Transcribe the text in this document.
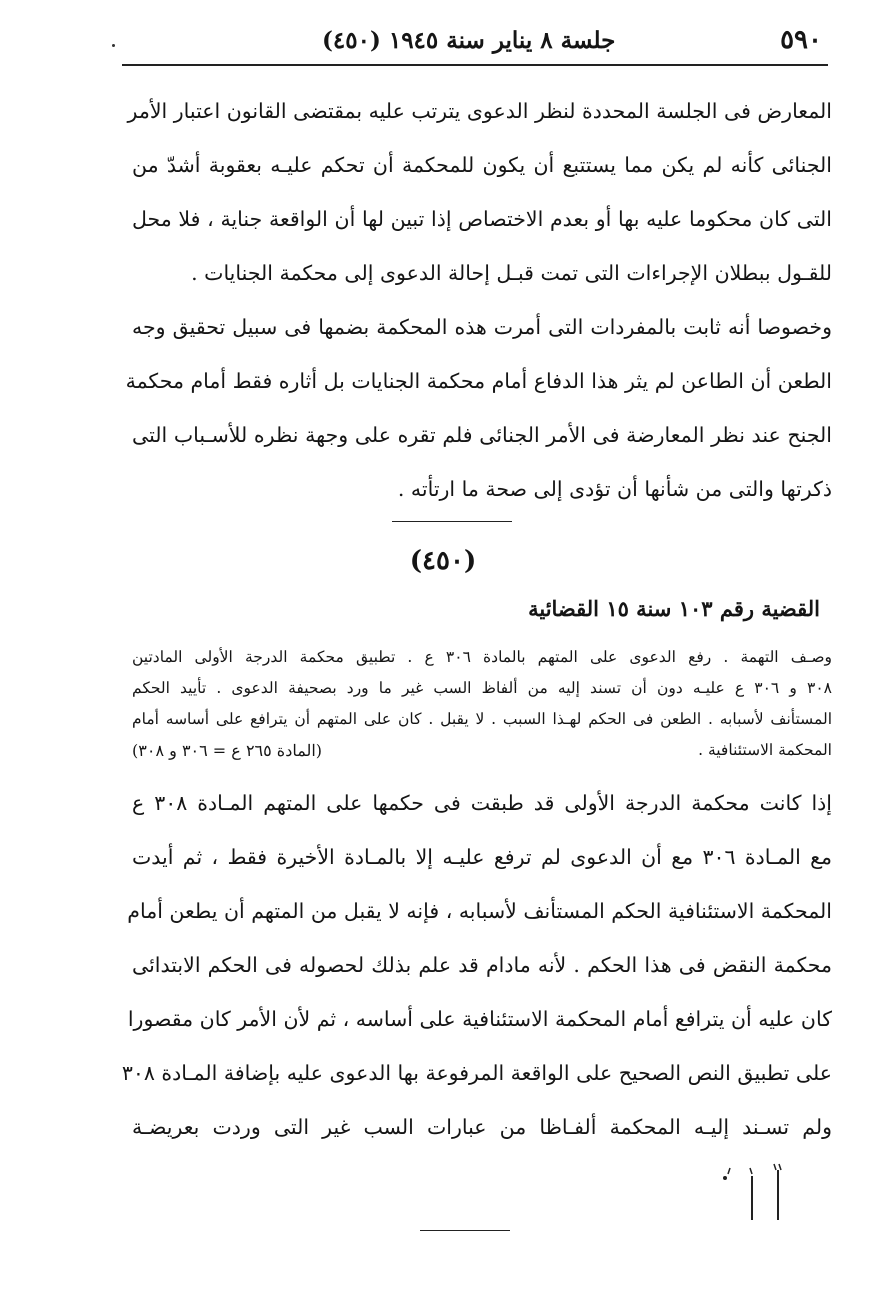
٥٩٠
جلسة ٨ يناير سنة ١٩٤٥ (٤٥٠)
المعارض فى الجلسة المحددة لنظر الدعوى يترتب عليه بمقتضى القانون اعتبار الأمر
الجنائى كأنه لم يكن مما يستتبع أن يكون للمحكمة أن تحكم عليـه بعقوبة أشدّ من
التى كان محكوما عليه بها أو بعدم الاختصاص إذا تبين لها أن الواقعة جناية ، فلا محل
للقـول ببطلان الإجراءات التى تمت قبـل إحالة الدعوى إلى محكمة الجنايات .
وخصوصا أنه ثابت بالمفردات التى أمرت هذه المحكمة بضمها فى سبيل تحقيق وجه
الطعن أن الطاعن لم يثر هذا الدفاع أمام محكمة الجنايات بل أثاره فقط أمام محكمة
الجنح عند نظر المعارضة فى الأمر الجنائى فلم تقره على وجهة نظره للأسـباب التى
ذكرتها والتى من شأنها أن تؤدى إلى صحة ما ارتأته .
(٤٥٠)
القضية رقم ١٠٣ سنة ١٥ القضائية
وصـف التهمة . رفع الدعوى على المتهم بالمادة ٣٠٦ ع . تطبيق محكمة الدرجة الأولى المادتين
٣٠٨ و ٣٠٦ ع عليـه دون أن تسند إليه من ألفاظ السب غير ما ورد بصحيفة الدعوى . تأييد الحكم
المستأنف لأسبابه . الطعن فى الحكم لهـذا السبب . لا يقبل . كان على المتهم أن يترافع على أساسه أمام
المحكمة الاستئنافية .
(المادة ٢٦٥ ع = ٣٠٦ و ٣٠٨)
إذا كانت محكمة الدرجة الأولى قد طبقت فى حكمها على المتهم المـادة ٣٠٨ ع
مع المـادة ٣٠٦ مع أن الدعوى لم ترفع عليـه إلا بالمـادة الأخيرة فقط ، ثم أيدت
المحكمة الاستئنافية الحكم المستأنف لأسبابه ، فإنه لا يقبل من المتهم أن يطعن أمام
محكمة النقض فى هذا الحكم . لأنه مادام قد علم بذلك لحصوله فى الحكم الابتدائى
كان عليه أن يترافع أمام المحكمة الاستئنافية على أساسه ، ثم لأن الأمر كان مقصورا
على تطبيق النص الصحيح على الواقعة المرفوعة بها الدعوى عليه بإضافة المـادة ٣٠٨
ولم تسـند إليـه المحكمة ألفـاظا من عبارات السب غير التى وردت بعريضـة
